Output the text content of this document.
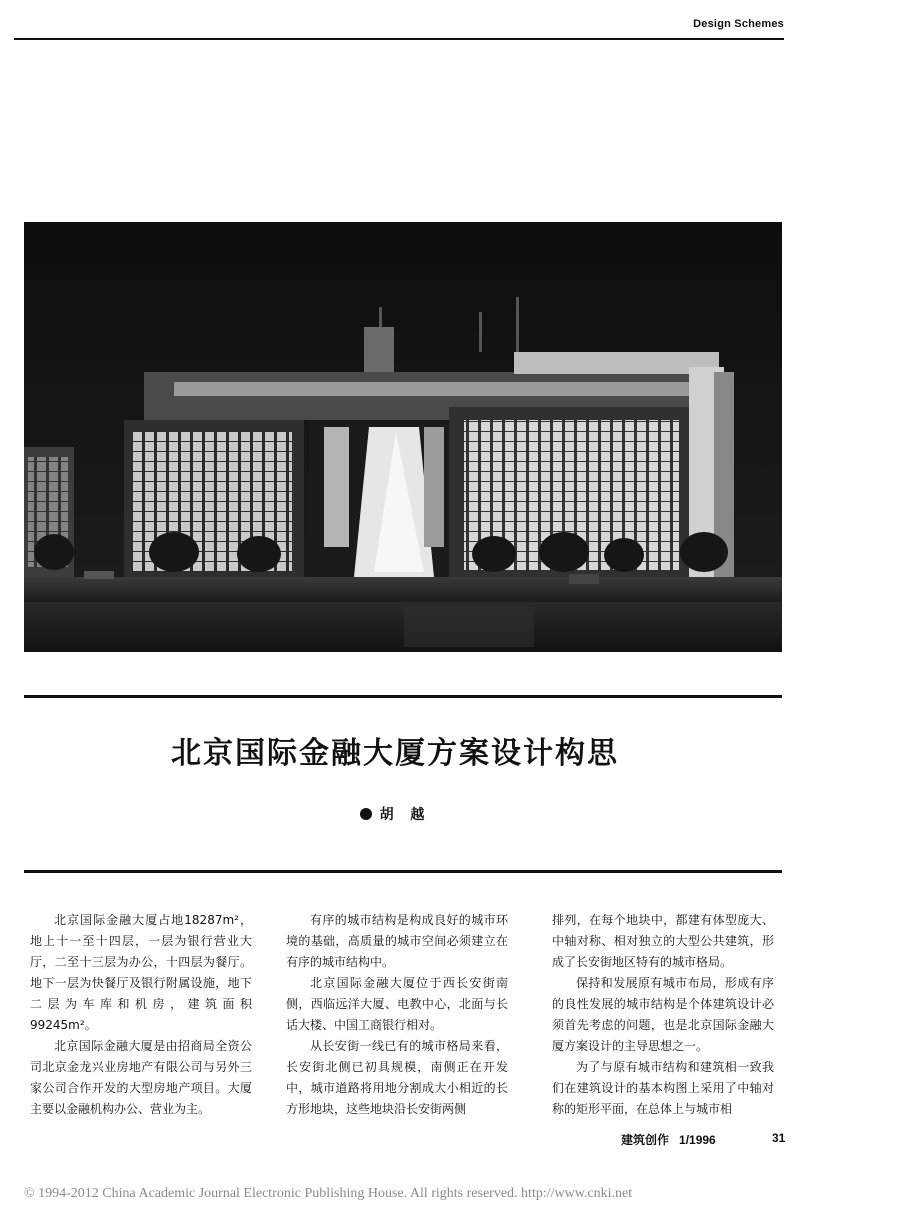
Design Schemes
北京国际金融大厦方案设计构思
胡 越

北京国际金融大厦占地18287m²，地上十一至十四层，一层为银行营业大厅，二至十三层为办公，十四层为餐厅。地下一层为快餐厅及银行附属设施，地下二层为车库和机房，建筑面积99245m²。

北京国际金融大厦是由招商局全资公司北京金龙兴业房地产有限公司与另外三家公司合作开发的大型房地产项目。大厦主要以金融机构办公、营业为主。

有序的城市结构是构成良好的城市环境的基础，高质量的城市空间必须建立在有序的城市结构中。

北京国际金融大厦位于西长安街南侧，西临远洋大厦、电教中心，北面与长话大楼、中国工商银行相对。

从长安街一线已有的城市格局来看，长安街北侧已初具规模，南侧正在开发中，城市道路将用地分割成大小相近的长方形地块，这些地块沿长安街两侧

排列，在每个地块中，都建有体型庞大、中轴对称、相对独立的大型公共建筑，形成了长安街地区特有的城市格局。

保持和发展原有城市布局，形成有序的良性发展的城市结构是个体建筑设计必须首先考虑的问题，也是北京国际金融大厦方案设计的主导思想之一。

为了与原有城市结构和建筑相一致我们在建筑设计的基本构图上采用了中轴对称的矩形平面，在总体上与城市相

建筑创作 1/1996	31
© 1994-2012 China Academic Journal Electronic Publishing House. All rights reserved. http://www.cnki.net
